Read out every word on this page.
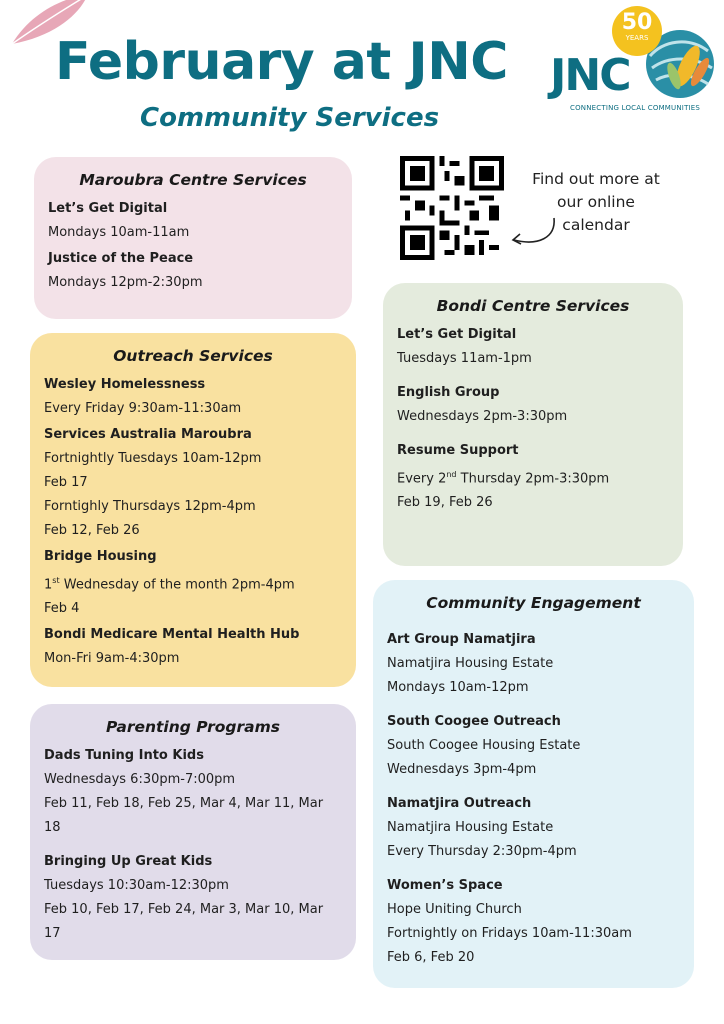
February at JNC

Community Services

JNC
CONNECTING LOCAL COMMUNITIES
50
YEARS
Find out more at our online calendar
Maroubra Centre Services
Let’s Get Digital
Mondays 10am-11am
Justice of the Peace
Mondays 12pm-2:30pm
Outreach Services
Wesley Homelessness
Every Friday 9:30am-11:30am
Services Australia Maroubra
Fortnightly Tuesdays 10am-12pm
Feb 17
Forntighly Thursdays 12pm-4pm
Feb 12, Feb 26
Bridge Housing
1st Wednesday of the month 2pm-4pm
Feb 4
Bondi Medicare Mental Health Hub
Mon-Fri 9am-4:30pm
Parenting Programs
Dads Tuning Into Kids
Wednesdays 6:30pm-7:00pm
Feb 11, Feb 18, Feb 25, Mar 4, Mar 11, Mar 18
Bringing Up Great Kids
Tuesdays 10:30am-12:30pm
Feb 10, Feb 17, Feb 24, Mar 3, Mar 10, Mar 17
Bondi Centre Services
Let’s Get Digital
Tuesdays 11am-1pm
English Group
Wednesdays 2pm-3:30pm
Resume Support
Every 2nd Thursday 2pm-3:30pm
Feb 19, Feb 26
Community Engagement
Art Group Namatjira
Namatjira Housing Estate
Mondays 10am-12pm
South Coogee Outreach
South Coogee Housing Estate
Wednesdays 3pm-4pm
Namatjira Outreach
Namatjira Housing Estate
Every Thursday 2:30pm-4pm
Women’s Space
Hope Uniting Church
Fortnightly on Fridays 10am-11:30am
Feb 6, Feb 20
